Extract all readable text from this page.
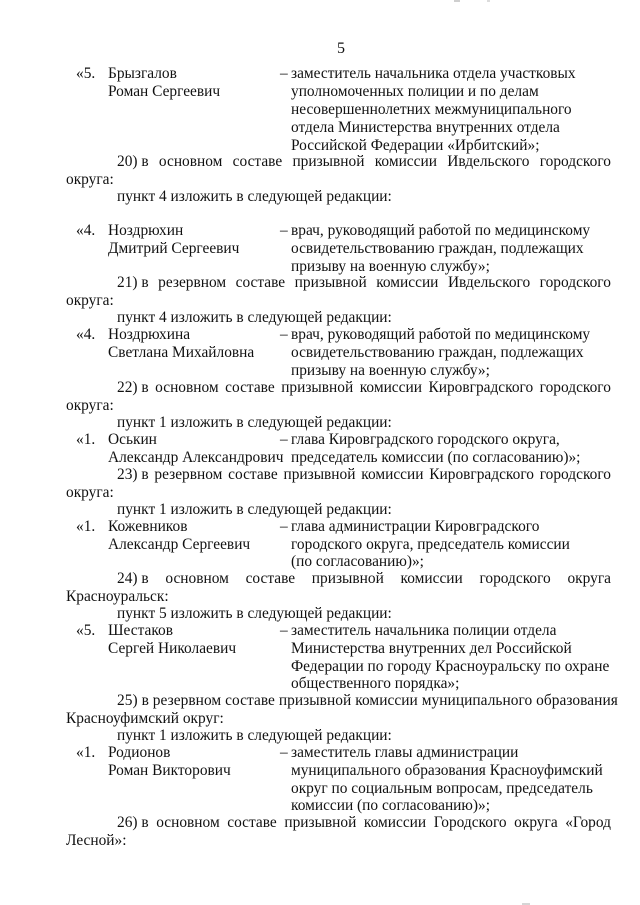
5
«5. Брызгалов
Роман Сергеевич
– заместитель начальника отдела участковых
уполномоченных полиции и по делам
несовершеннолетних межмуниципального
отдела Министерства внутренних отдела
Российской Федерации «Ирбитский»;
20) в основном составе призывной комиссии Ивдельского городского
округа:
пункт 4 изложить в следующей редакции:
«4. Ноздрюхин
Дмитрий Сергеевич
– врач, руководящий работой по медицинскому
освидетельствованию граждан, подлежащих
призыву на военную службу»;
21) в резервном составе призывной комиссии Ивдельского городского
округа:
пункт 4 изложить в следующей редакции:
«4. Ноздрюхина
Светлана Михайловна
– врач, руководящий работой по медицинскому
освидетельствованию граждан, подлежащих
призыву на военную службу»;
22) в основном составе призывной комиссии Кировградского городского
округа:
пункт 1 изложить в следующей редакции:
«1. Оськин
Александр Александрович
– глава Кировградского городского округа,
председатель комиссии (по согласованию)»;
23) в резервном составе призывной комиссии Кировградского городского
округа:
пункт 1 изложить в следующей редакции:
«1. Кожевников
Александр Сергеевич
– глава администрации Кировградского
городского округа, председатель комиссии
(по согласованию)»;
24) в основном составе призывной комиссии городского округа
Красноуральск:
пункт 5 изложить в следующей редакции:
«5. Шестаков
Сергей Николаевич
– заместитель начальника полиции отдела
Министерства внутренних дел Российской
Федерации по городу Красноуральску по охране
общественного порядка»;
25) в резервном составе призывной комиссии муниципального образования
Красноуфимский округ:
пункт 1 изложить в следующей редакции:
«1. Родионов
Роман Викторович
– заместитель главы администрации
муниципального образования Красноуфимский
округ по социальным вопросам, председатель
комиссии (по согласованию)»;
26) в основном составе призывной комиссии Городского округа «Город
Лесной»:
